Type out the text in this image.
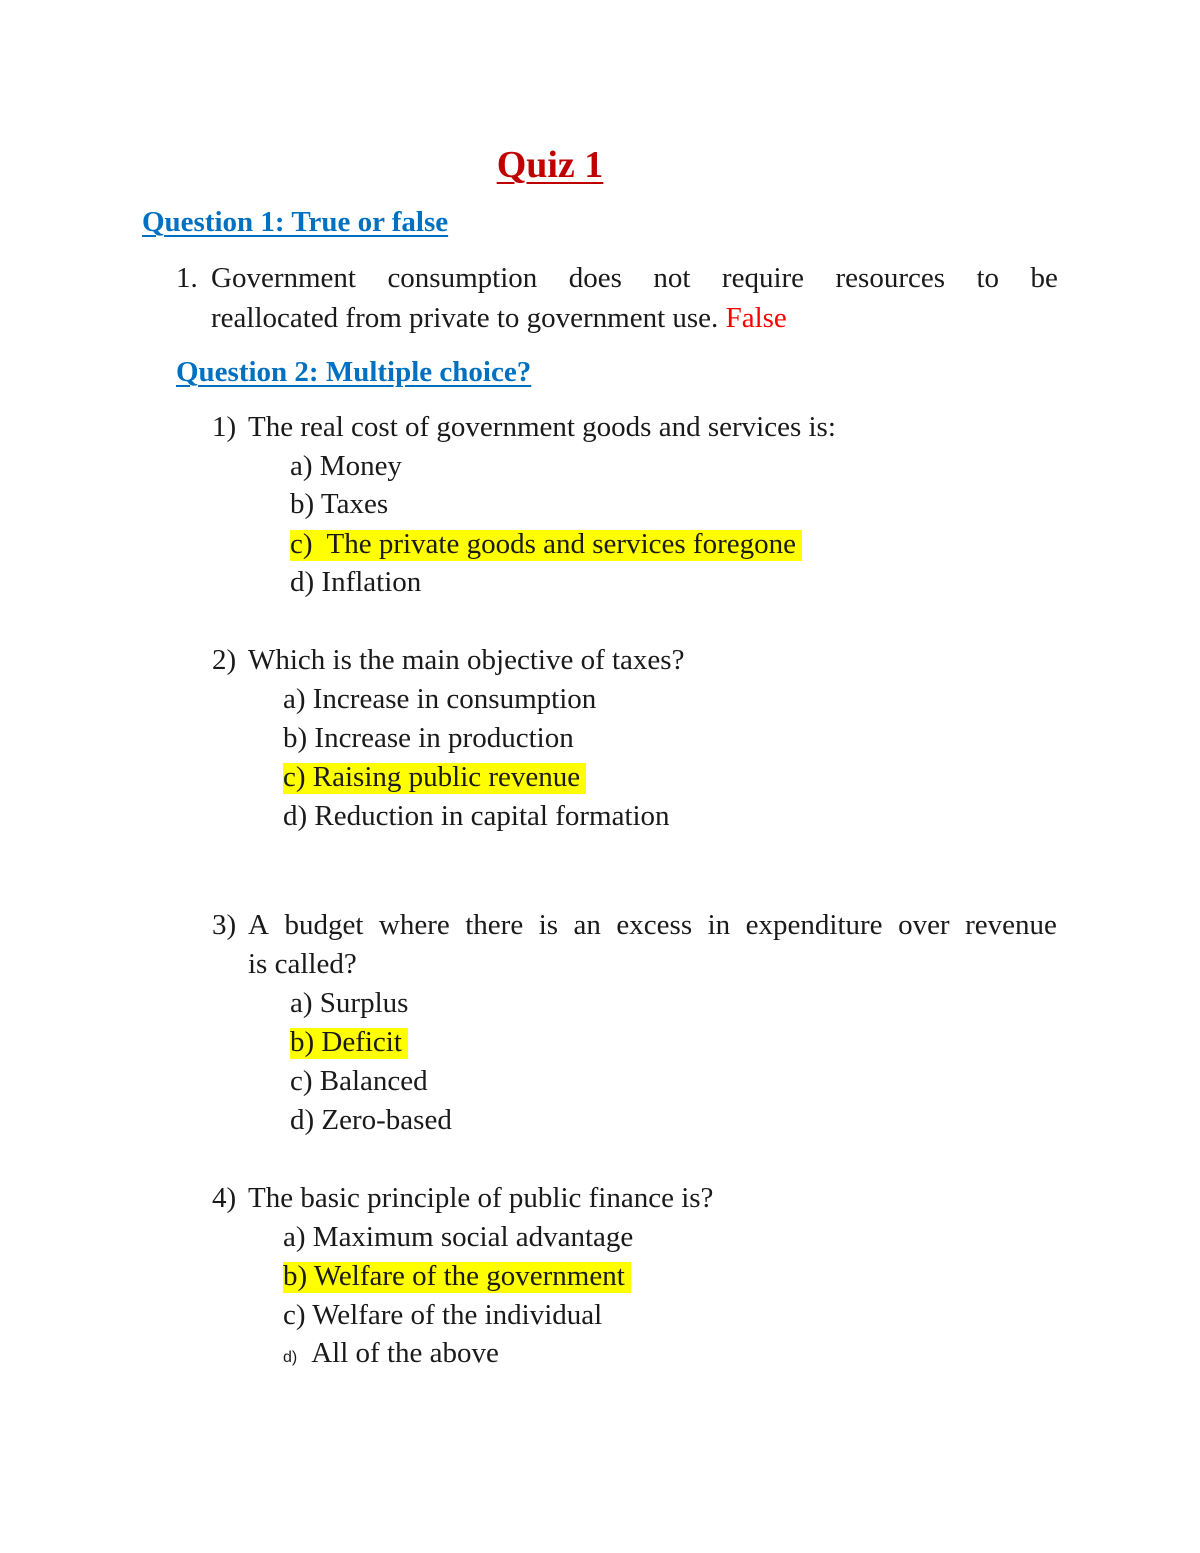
Quiz 1
Question 1: True or false
1. Government consumption does not require resources to be
reallocated from private to government use. False
Question 2: Multiple choice?
1) The real cost of government goods and services is:
a) Money
b) Taxes
c)  The private goods and services foregone
d) Inflation
2) Which is the main objective of taxes?
a) Increase in consumption
b) Increase in production
c) Raising public revenue
d) Reduction in capital formation
3) A budget where there is an excess in expenditure over revenue
is called?
a) Surplus
b) Deficit
c) Balanced
d) Zero-based
4) The basic principle of public finance is?
a) Maximum social advantage
b) Welfare of the government
c) Welfare of the individual
d) All of the above
